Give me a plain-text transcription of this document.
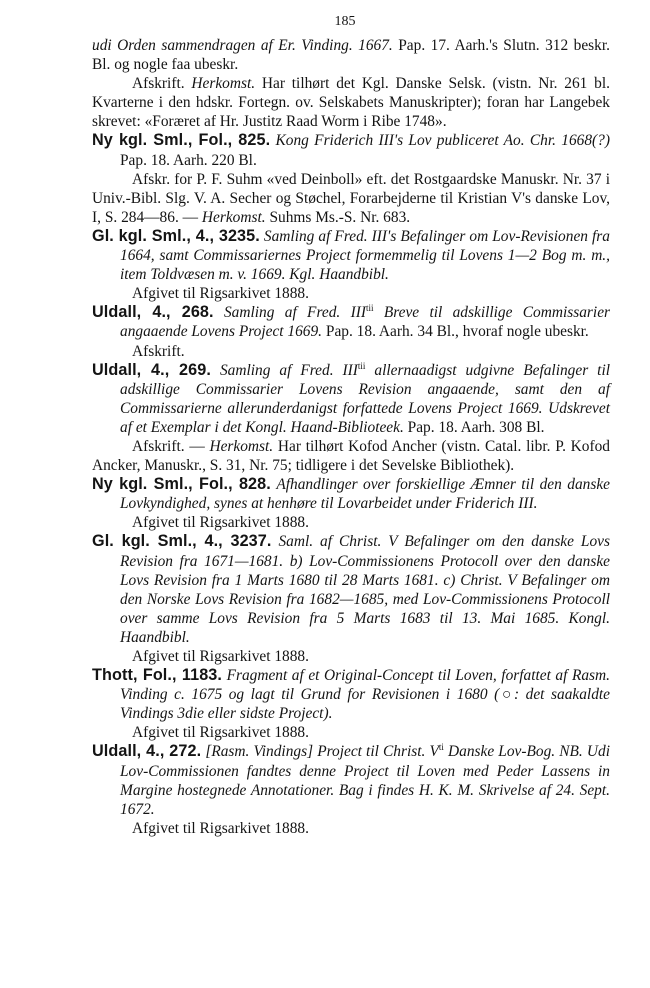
185
udi Orden sammendragen af Er. Vinding. 1667. Pap. 17. Aarh.'s Slutn. 312 beskr. Bl. og nogle faa ubeskr.
Afskrift. Herkomst. Har tilhørt det Kgl. Danske Selsk. (vistn. Nr. 261 bl. Kvarterne i den hdskr. Fortegn. ov. Selskabets Manuskripter); foran har Langebek skrevet: «Foræret af Hr. Justitz Raad Worm i Ribe 1748».
Ny kgl. Sml., Fol., 825. Kong Friderich III's Lov publiceret Ao. Chr. 1668(?) Pap. 18. Aarh. 220 Bl.
Afskr. for P. F. Suhm «ved Deinboll» eft. det Rostgaardske Manuskr. Nr. 37 i Univ.-Bibl. Slg. V. A. Secher og Støchel, Forarbejderne til Kristian V's danske Lov, I, S. 284—86. — Herkomst. Suhms Ms.-S. Nr. 683.
Gl. kgl. Sml., 4., 3235. Samling af Fred. III's Befalinger om Lov-Revisionen fra 1664, samt Commissariernes Project formemmelig til Lovens 1—2 Bog m. m., item Toldvæsen m. v. 1669. Kgl. Haandbibl.
Afgivet til Rigsarkivet 1888.
Uldall, 4., 268. Samling af Fred. $III^{tii}$ Breve til adskillige Commissarier angaaende Lovens Project 1669. Pap. 18. Aarh. 34 Bl., hvoraf nogle ubeskr.
Afskrift.
Uldall, 4., 269. Samling af Fred. $III^{tii}$ allernaadigst udgivne Befalinger til adskillige Commissarier Lovens Revision angaaende, samt den af Commissarierne allerunderdanigst forfattede Lovens Project 1669. Udskrevet af et Exemplar i det Kongl. Haand-Biblioteek. Pap. 18. Aarh. 308 Bl.
Afskrift. — Herkomst. Har tilhørt Kofod Ancher (vistn. Catal. libr. P. Kofod Ancker, Manuskr., S. 31, Nr. 75; tidligere i det Sevelske Bibliothek).
Ny kgl. Sml., Fol., 828. Afhandlinger over forskiellige Æmner til den danske Lovkyndighed, synes at henhøre til Lovarbeidet under Friderich III.
Afgivet til Rigsarkivet 1888.
Gl. kgl. Sml., 4., 3237. Saml. af Christ. V Befalinger om den danske Lovs Revision fra 1671—1681. b) Lov-Commissionens Protocoll over den danske Lovs Revision fra 1 Marts 1680 til 28 Marts 1681. c) Christ. V Befalinger om den Norske Lovs Revision fra 1682—1685, med Lov-Commissionens Protocoll over samme Lovs Revision fra 5 Marts 1683 til 13. Mai 1685. Kongl. Haandbibl.
Afgivet til Rigsarkivet 1888.
Thott, Fol., 1183. Fragment af et Original-Concept til Loven, forfattet af Rasm. Vinding c. 1675 og lagt til Grund for Revisionen i 1680 (○: det saakaldte Vindings 3die eller sidste Project).
Afgivet til Rigsarkivet 1888.
Uldall, 4., 272. [Rasm. Vindings] Project til Christ. $V^{ti}$ Danske Lov-Bog. NB. Udi Lov-Commissionen fandtes denne Project til Loven med Peder Lassens in Margine hostegnede Annotationer. Bag i findes H. K. M. Skrivelse af 24. Sept. 1672.
Afgivet til Rigsarkivet 1888.
